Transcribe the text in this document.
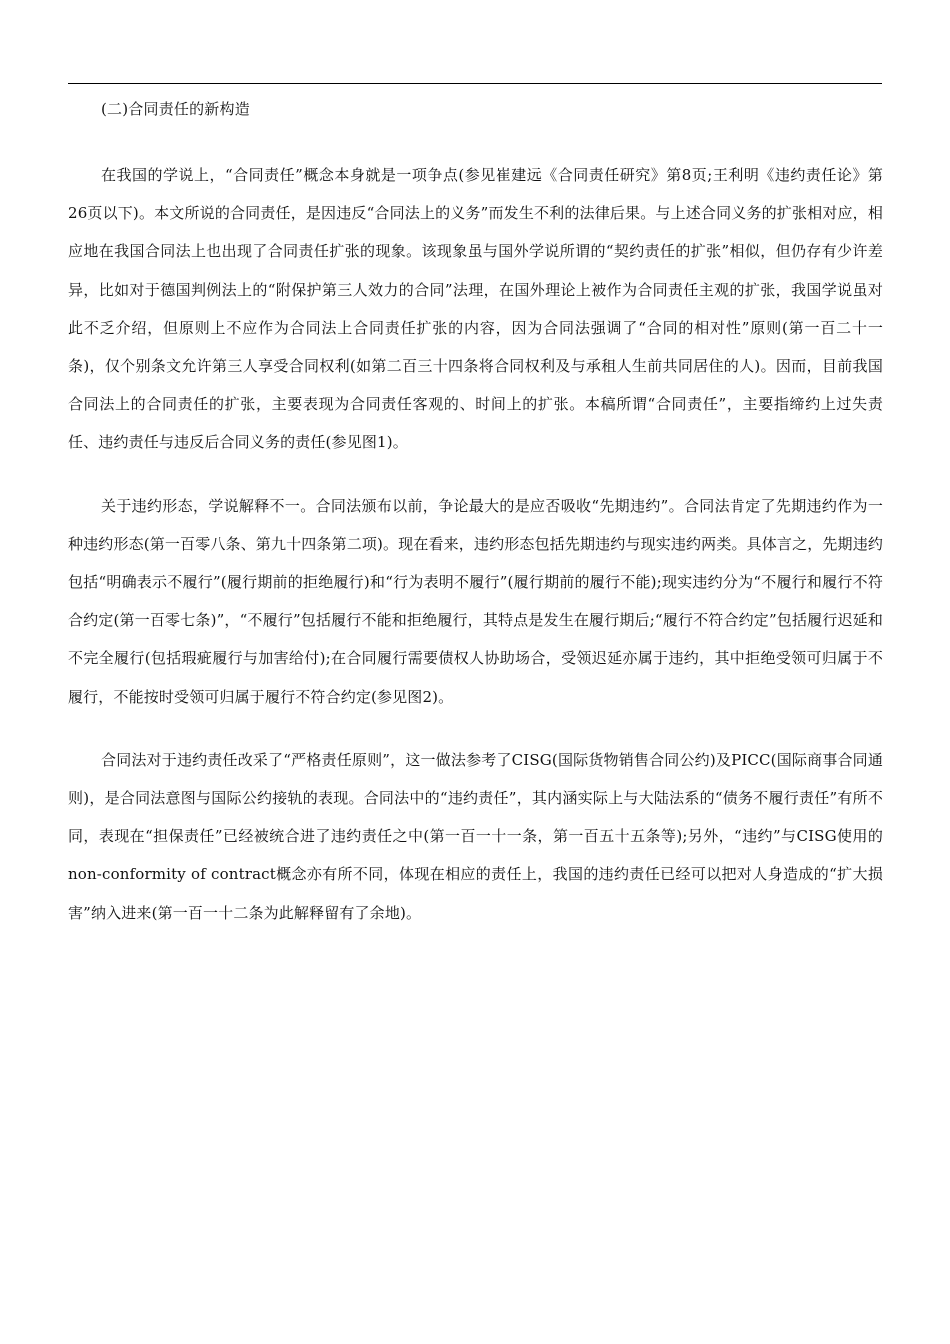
(二)合同责任的新构造

在我国的学说上，“合同责任”概念本身就是一项争点(参见崔建远《合同责任研究》第8页;王利明《违约责任论》第26页以下)。本文所说的合同责任，是因违反“合同法上的义务”而发生不利的法律后果。与上述合同义务的扩张相对应，相应地在我国合同法上也出现了合同责任扩张的现象。该现象虽与国外学说所谓的“契约责任的扩张”相似，但仍存有少许差异，比如对于德国判例法上的“附保护第三人效力的合同”法理，在国外理论上被作为合同责任主观的扩张，我国学说虽对此不乏介绍，但原则上不应作为合同法上合同责任扩张的内容，因为合同法强调了“合同的相对性”原则(第一百二十一条)，仅个别条文允许第三人享受合同权利(如第二百三十四条将合同权利及与承租人生前共同居住的人)。因而，目前我国合同法上的合同责任的扩张，主要表现为合同责任客观的、时间上的扩张。本稿所谓“合同责任”，主要指缔约上过失责任、违约责任与违反后合同义务的责任(参见图1)。

关于违约形态，学说解释不一。合同法颁布以前，争论最大的是应否吸收“先期违约”。合同法肯定了先期违约作为一种违约形态(第一百零八条、第九十四条第二项)。现在看来，违约形态包括先期违约与现实违约两类。具体言之，先期违约包括“明确表示不履行”(履行期前的拒绝履行)和“行为表明不履行”(履行期前的履行不能);现实违约分为“不履行和履行不符合约定(第一百零七条)”，“不履行”包括履行不能和拒绝履行，其特点是发生在履行期后;“履行不符合约定”包括履行迟延和不完全履行(包括瑕疵履行与加害给付);在合同履行需要债权人协助场合，受领迟延亦属于违约，其中拒绝受领可归属于不履行，不能按时受领可归属于履行不符合约定(参见图2)。

合同法对于违约责任改采了“严格责任原则”，这一做法参考了CISG(国际货物销售合同公约)及PICC(国际商事合同通则)，是合同法意图与国际公约接轨的表现。合同法中的“违约责任”，其内涵实际上与大陆法系的“债务不履行责任”有所不同，表现在“担保责任”已经被统合进了违约责任之中(第一百一十一条，第一百五十五条等);另外，“违约”与CISG使用的non-conformity of contract概念亦有所不同，体现在相应的责任上，我国的违约责任已经可以把对人身造成的“扩大损害”纳入进来(第一百一十二条为此解释留有了余地)。
